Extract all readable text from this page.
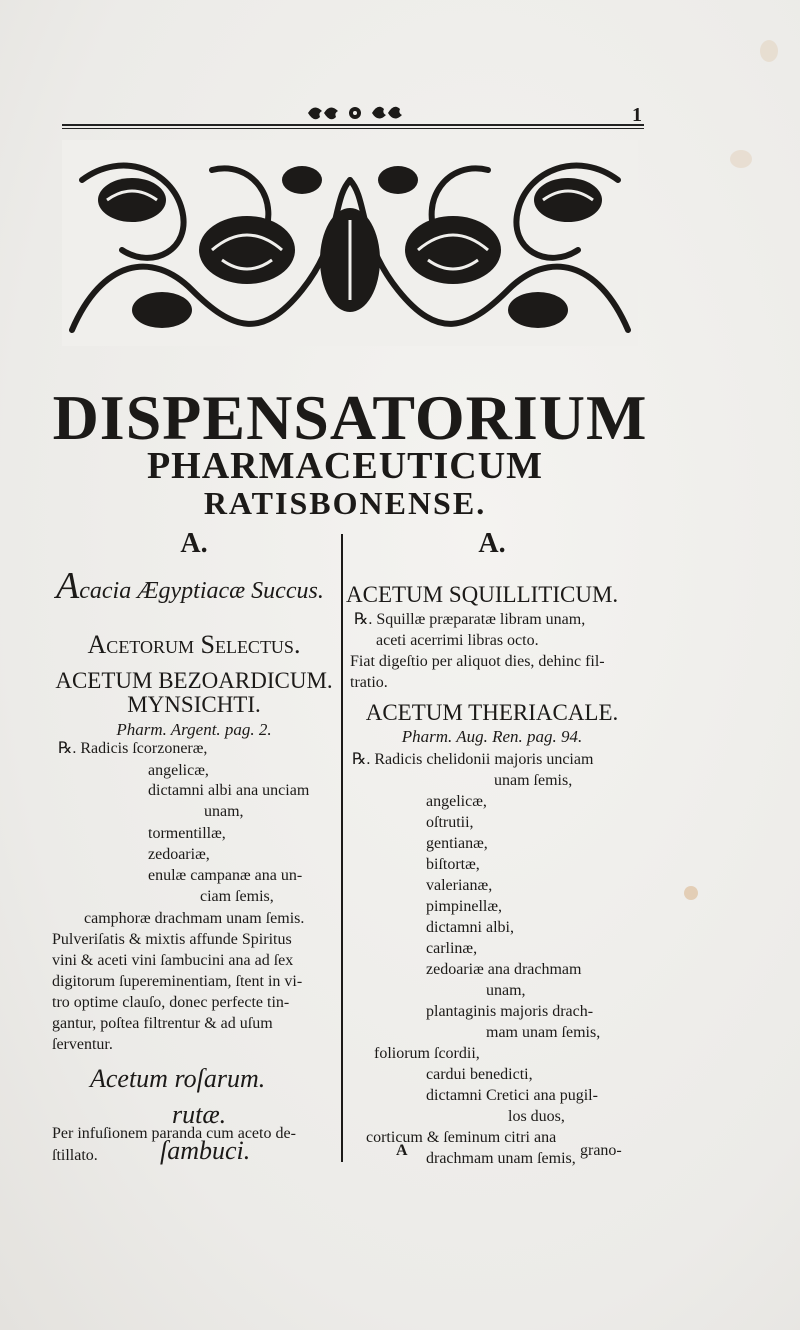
1
DISPENSATORIUM
PHARMACEUTICUM
RATISBONENSE.
A.
Acacia Ægyptiacæ Succus.
Acetorum Selectus.
ACETUM BEZOARDICUM.
MYNSICHTI.
Pharm. Argent. pag. 2.
℞. Radicis ſcorzoneræ,
angelicæ,
dictamni albi ana unciam
unam,
tormentillæ,
zedoariæ,
enulæ campanæ ana un-
ciam ſemis,
camphoræ drachmam unam ſemis.
Pulveriſatis & mixtis affunde Spiritus
vini & aceti vini ſambucini ana ad ſex
digitorum ſupereminentiam, ſtent in vi-
tro optime clauſo, donec perfecte tin-
gantur, poſtea filtrentur & ad uſum
ſerventur.
Acetum roſarum.
rutæ.
ſambuci.
Per infuſionem paranda cum aceto de-
ſtillato.
A.
ACETUM SQUILLITICUM.
℞. Squillæ præparatæ libram unam,
aceti acerrimi libras octo.
Fiat digeſtio per aliquot dies, dehinc fil-
tratio.
ACETUM THERIACALE.
Pharm. Aug. Ren. pag. 94.
℞. Radicis chelidonii majoris unciam
unam ſemis,
angelicæ,
oſtrutii,
gentianæ,
biſtortæ,
valerianæ,
pimpinellæ,
dictamni albi,
carlinæ,
zedoariæ ana drachmam
unam,
plantaginis majoris drach-
mam unam ſemis,
foliorum ſcordii,
cardui benedicti,
dictamni Cretici ana pugil-
los duos,
corticum & ſeminum citri ana
drachmam unam ſemis,
A	grano-
